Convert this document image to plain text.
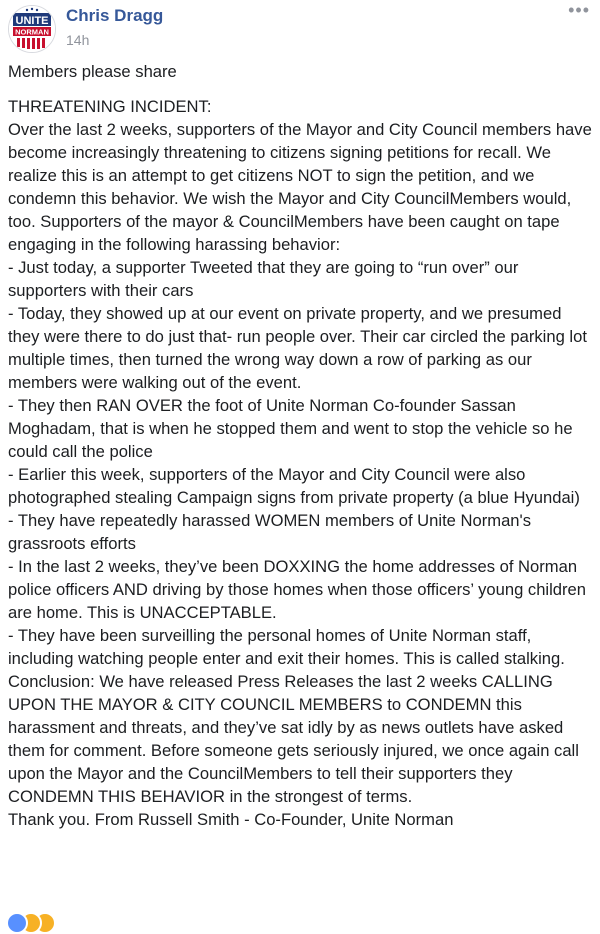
UNITE
NORMAN
Chris Dragg
14h
•••

Members please share

THREATENING INCIDENT:
Over the last 2 weeks, supporters of the Mayor and City Council members have become increasingly threatening to citizens signing petitions for recall. We realize this is an attempt to get citizens NOT to sign the petition, and we condemn this behavior. We wish the Mayor and City CouncilMembers would, too. Supporters of the mayor & CouncilMembers have been caught on tape engaging in the following harassing behavior:
- Just today, a supporter Tweeted that they are going to “run over” our supporters with their cars
- Today, they showed up at our event on private property, and we presumed they were there to do just that- run people over. Their car circled the parking lot multiple times, then turned the wrong way down a row of parking as our members were walking out of the event.
- They then RAN OVER the foot of Unite Norman Co-founder Sassan Moghadam, that is when he stopped them and went to stop the vehicle so he could call the police
- Earlier this week, supporters of the Mayor and City Council were also photographed stealing Campaign signs from private property (a blue Hyundai)
- They have repeatedly harassed WOMEN members of Unite Norman's grassroots efforts
- In the last 2 weeks, they’ve been DOXXING the home addresses of Norman police officers AND driving by those homes when those officers’ young children are home. This is UNACCEPTABLE.
- They have been surveilling the personal homes of Unite Norman staff, including watching people enter and exit their homes. This is called stalking.
Conclusion: We have released Press Releases the last 2 weeks CALLING UPON THE MAYOR & CITY COUNCIL MEMBERS to CONDEMN this harassment and threats, and they’ve sat idly by as news outlets have asked them for comment. Before someone gets seriously injured, we once again call upon the Mayor and the CouncilMembers to tell their supporters they CONDEMN THIS BEHAVIOR in the strongest of terms.
Thank you. From Russell Smith - Co-Founder, Unite Norman
